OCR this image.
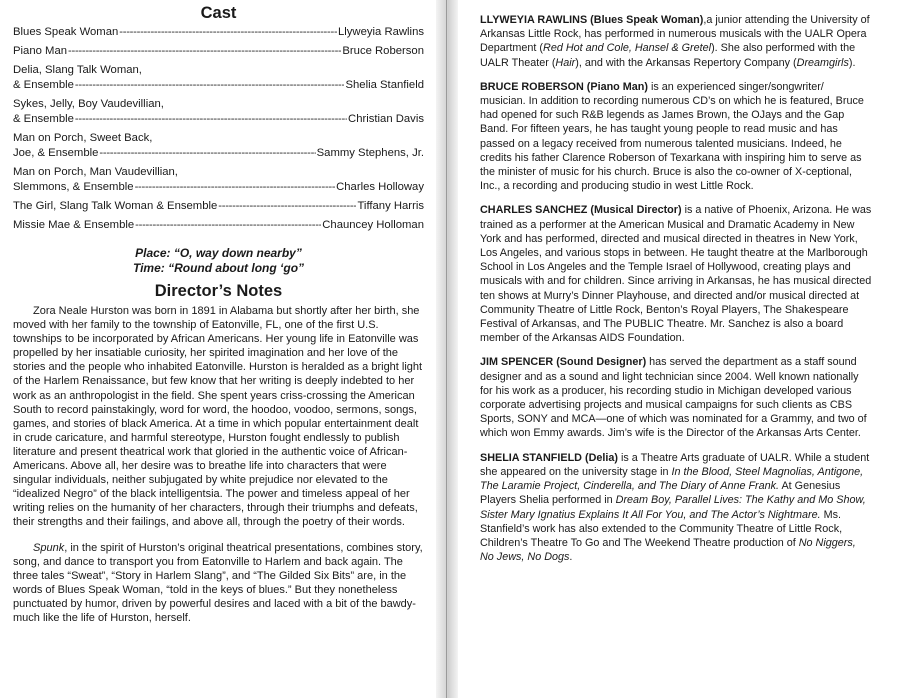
Cast
Blues Speak Woman -----	Llyweyia Rawlins
Piano Man -----	Bruce Roberson
Delia, Slang Talk Woman,
& Ensemble -----	Shelia Stanfield
Sykes, Jelly, Boy Vaudevillian,
& Ensemble -----	Christian Davis
Man on Porch, Sweet Back,
Joe, & Ensemble -----	Sammy Stephens, Jr.
Man on Porch, Man Vaudevillian,
Slemmons, & Ensemble -----	Charles Holloway
The Girl, Slang Talk Woman & Ensemble -----	Tiffany Harris
Missie Mae & Ensemble -----	Chauncey Holloman
Place: “O, way down nearby”
Time: “Round about long ‘go”
Director’s Notes

Zora Neale Hurston was born in 1891 in Alabama but shortly after her birth, she moved with her family to the township of Eatonville, FL, one of the first U.S. townships to be incorporated by African Americans. Her young life in Eatonville was propelled by her insatiable curiosity, her spirited imagination and her love of the stories and the people who inhabited Eatonville. Hurston is heralded as a bright light of the Harlem Renaissance, but few know that her writing is deeply indebted to her work as an anthropologist in the field. She spent years criss-crossing the American South to record painstakingly, word for word, the hoodoo, voodoo, sermons, songs, games, and stories of black America. At a time in which popular entertainment dealt in crude caricature, and harmful stereotype, Hurston fought endlessly to publish literature and present theatrical work that gloried in the authentic voice of African-Americans. Above all, her desire was to breathe life into characters that were singular individuals, neither subjugated by white prejudice nor elevated to the “idealized Negro” of the black intelligentsia. The power and timeless appeal of her writing relies on the humanity of her characters, through their triumphs and defeats, their strengths and their failings, and above all, through the poetry of their words.

Spunk, in the spirit of Hurston’s original theatrical presentations, combines story, song, and dance to transport you from Eatonville to Harlem and back again. The three tales “Sweat”, “Story in Harlem Slang”, and “The Gilded Six Bits” are, in the words of Blues Speak Woman, “told in the keys of blues.” But they nonetheless punctuated by humor, driven by powerful desires and laced with a bit of the bawdy- much like the life of Hurston, herself.

LLYWEYIA RAWLINS (Blues Speak Woman),a junior attending the University of Arkansas Little Rock, has performed in numerous musicals with the UALR Opera Department (Red Hot and Cole, Hansel & Gretel). She also performed with the UALR Theater (Hair), and with the Arkansas Repertory Company (Dreamgirls).

BRUCE ROBERSON (Piano Man) is an experienced singer/songwriter/ musician. In addition to recording numerous CD’s on which he is featured, Bruce had opened for such R&B legends as James Brown, the OJays and the Gap Band. For fifteen years, he has taught young people to read music and has passed on a legacy received from numerous talented musicians. Indeed, he credits his father Clarence Roberson of Texarkana with inspiring him to serve as the minister of music for his church. Bruce is also the co-owner of X-ceptional, Inc., a recording and producing studio in west Little Rock.

CHARLES SANCHEZ (Musical Director) is a native of Phoenix, Arizona. He was trained as a performer at the American Musical and Dramatic Academy in New York and has performed, directed and musical directed in theatres in New York, Los Angeles, and various stops in between. He taught theatre at the Marlborough School in Los Angeles and the Temple Israel of Hollywood, creating plays and musicals with and for children. Since arriving in Arkansas, he has musical directed ten shows at Murry’s Dinner Playhouse, and directed and/or musical directed at Community Theatre of Little Rock, Benton’s Royal Players, The Shakespeare Festival of Arkansas, and The PUBLIC Theatre. Mr. Sanchez is also a board member of the Arkansas AIDS Foundation.

JIM SPENCER (Sound Designer) has served the department as a staff sound designer and as a sound and light technician since 2004. Well known nationally for his work as a producer, his recording studio in Michigan developed various corporate advertising projects and musical campaigns for such clients as CBS Sports, SONY and MCA—one of which was nominated for a Grammy, and two of which won Emmy awards. Jim’s wife is the Director of the Arkansas Arts Center.

SHELIA STANFIELD (Delia) is a Theatre Arts graduate of UALR. While a student she appeared on the university stage in In the Blood, Steel Magnolias, Antigone, The Laramie Project, Cinderella, and The Diary of Anne Frank. At Genesius Players Shelia performed in Dream Boy, Parallel Lives: The Kathy and Mo Show, Sister Mary Ignatius Explains It All For You, and The Actor’s Nightmare. Ms. Stanfield’s work has also extended to the Community Theatre of Little Rock, Children’s Theatre To Go and The Weekend Theatre production of No Niggers, No Jews, No Dogs.
